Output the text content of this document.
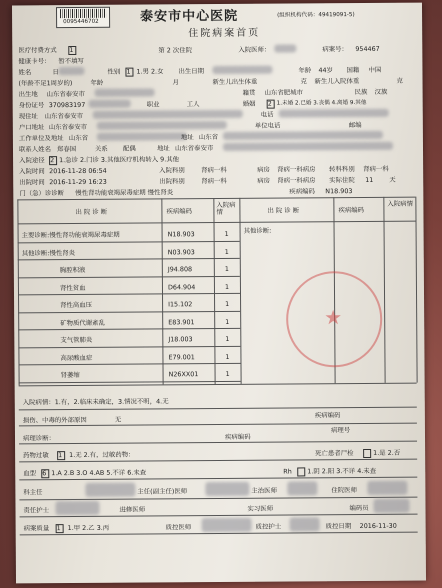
0095446702	泰安市中心医院	(组织机构代码：49419091-5)
住院病案首页
医疗付费方式 1	第 2 次住院	入院医师：	病案号： 954467
健康卡号： 暂不填写
姓名	日	性别 1 1.男 2.女 出生日期	年龄 44岁 国籍 中国
(年龄不足1周岁的)	年龄	月	新生儿出生体重	克 新生儿入院体重	克
出生地 山东省泰安市	籍贯 山东省肥城市	民族 汉族
身份证号 370983197	职业	工人	婚姻 2 1.未婚 2.已婚 3.丧偶 4.离婚 9.其他
现住址 山东省泰安市	电话
户口地址 山东省泰安市	单位电话	邮编
工作单位及地址 山东省	地址 山东省
联系人姓名 郑春国	关系 配偶	地址 山东省泰安市
入院途径 2 1.急诊 2.门诊 3.其他医疗机构转入 9.其他
入院时间 2016-11-28 06:54	入院科别	肾病一科	病房 肾病一科病房 转科科别 肾病一科
出院时间 2016-11-29 16:23	出院科别	肾病一科	病房 肾病一科病房 实际住院 11 天
门（急）诊诊断 慢性肾功能衰竭尿毒症期 慢性肾炎	疾病编码 N18.903
出 院 诊 断	疾病编码
入院病情	出 院 诊 断	疾病编码
入院病情
其他诊断:
主要诊断:慢性肾功能衰竭尿毒症期	N18.903	1
其他诊断:慢性肾炎	N03.903	1
胸腔积液	J94.808	1
肾性贫血	D64.904	1
肾性高血压	I15.102	1
矿物质代谢紊乱	E83.901	1
支气管肺炎	J18.003	1
高尿酸血症	E79.001	1
肾萎缩	N26XX01	1
★
入院病情：1.有，2.临床未确定，3.情况不明，4.无
损伤、中毒的外部原因	无
疾病编码
病理诊断：	疾病编码
病理号
药物过敏 1 1.无 2.有，过敏药物：	死亡患者尸检	1.是 2.否
血型 6 1.A 2.B 3.O 4.AB 5.不详 6.未查	Rh 1.阴 2.阳 3.不详 4.未查
科主任	主任(副主任)医师	主治医师	住院医师
责任护士	进修医师	实习医师	编码员
病案质量 1 1.甲 2.乙 3.丙	质控医师	质控护士	质控日期 2016-11-30
